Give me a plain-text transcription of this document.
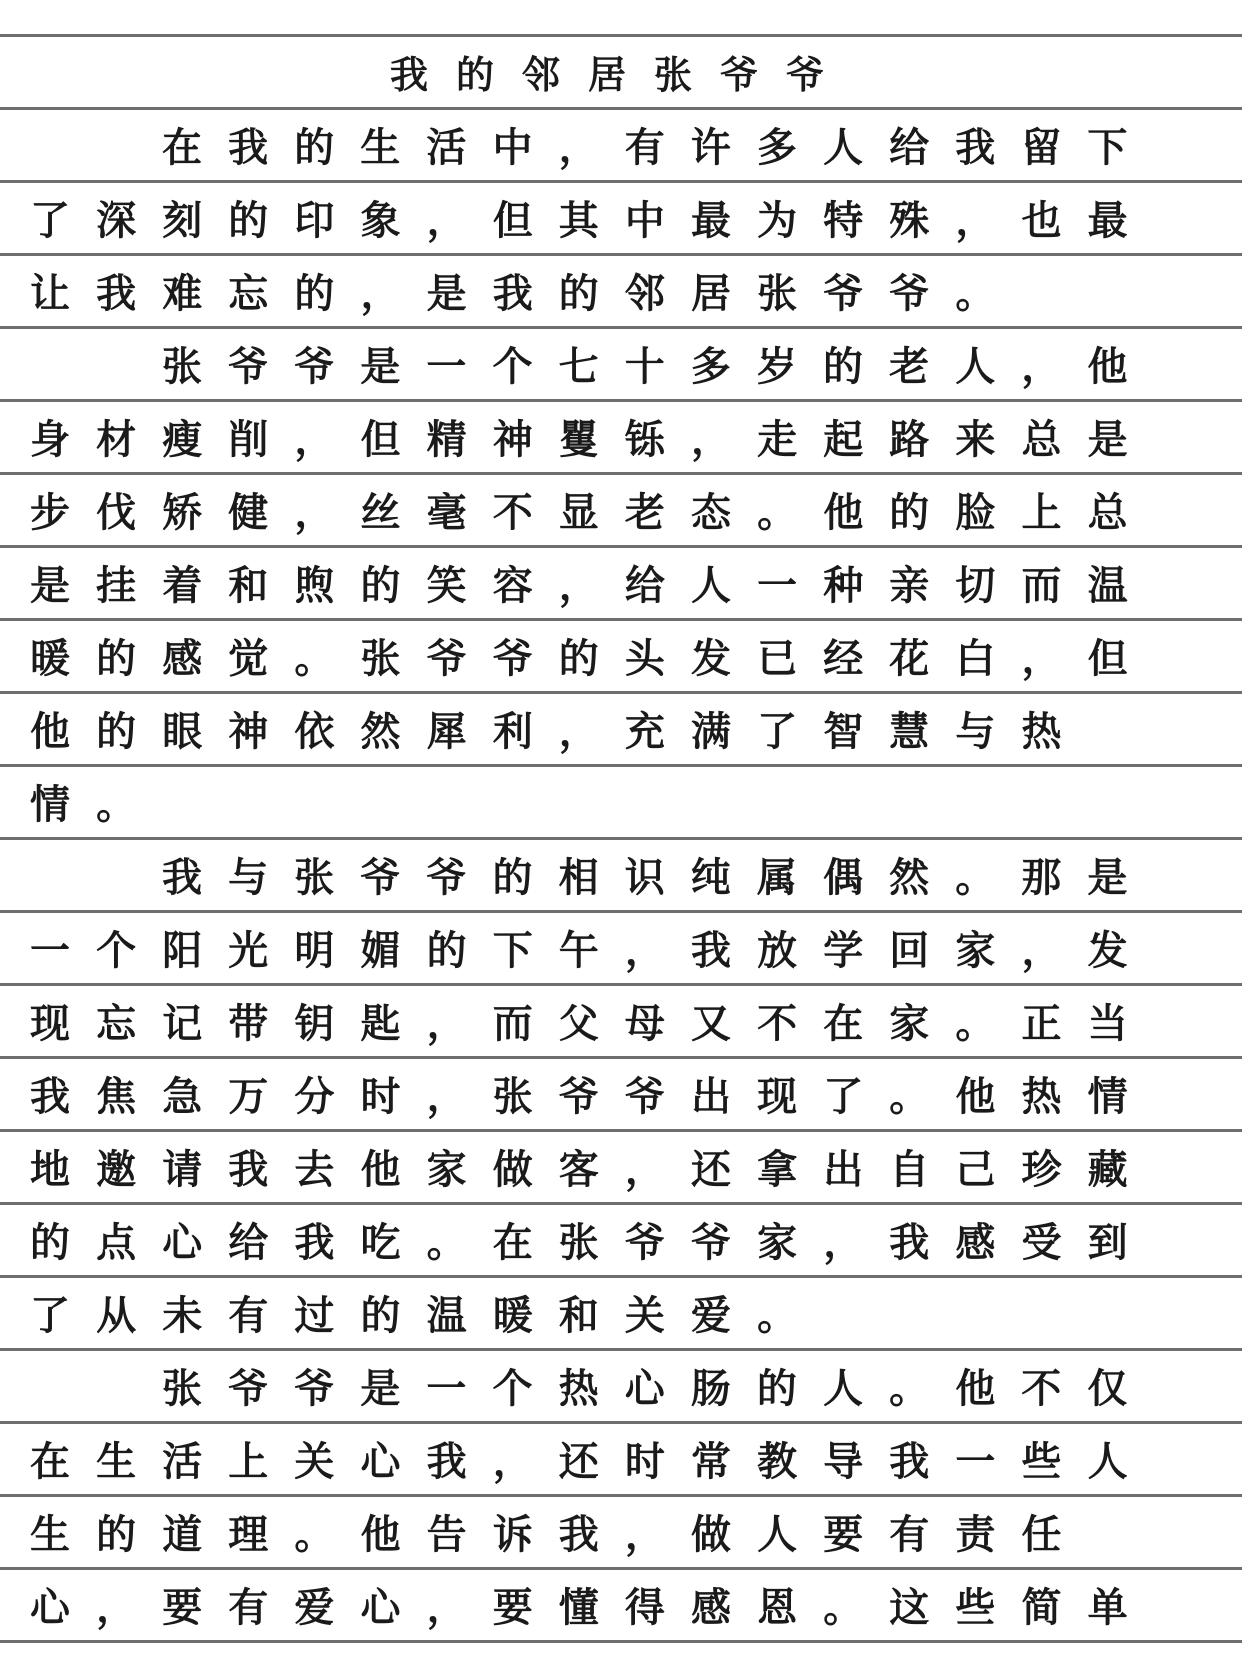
我的邻居张爷爷
在我的生活中，有许多人给我留下
了深刻的印象，但其中最为特殊，也最
让我难忘的，是我的邻居张爷爷。
张爷爷是一个七十多岁的老人，他
身材瘦削，但精神矍铄，走起路来总是
步伐矫健，丝毫不显老态。他的脸上总
是挂着和煦的笑容，给人一种亲切而温
暖的感觉。张爷爷的头发已经花白，但
他的眼神依然犀利，充满了智慧与热
情。
我与张爷爷的相识纯属偶然。那是
一个阳光明媚的下午，我放学回家，发
现忘记带钥匙，而父母又不在家。正当
我焦急万分时，张爷爷出现了。他热情
地邀请我去他家做客，还拿出自己珍藏
的点心给我吃。在张爷爷家，我感受到
了从未有过的温暖和关爱。
张爷爷是一个热心肠的人。他不仅
在生活上关心我，还时常教导我一些人
生的道理。他告诉我，做人要有责任
心，要有爱心，要懂得感恩。这些简单
